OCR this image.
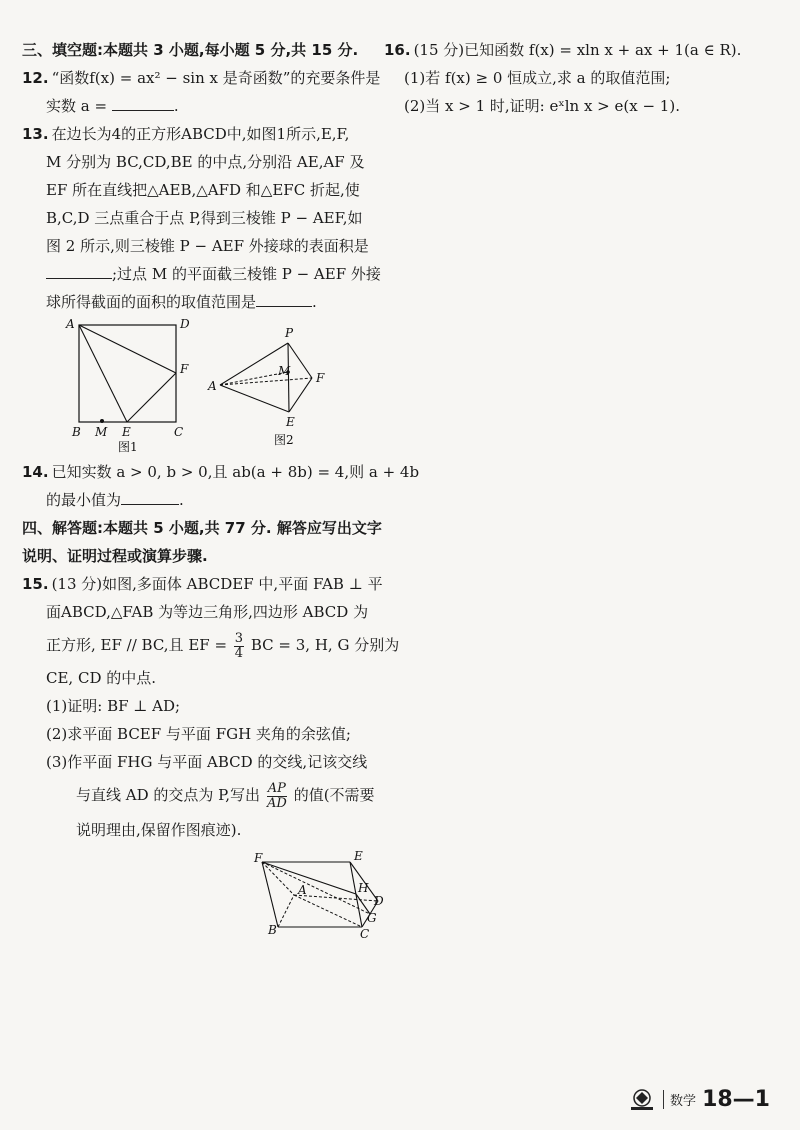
三、填空题:本题共 3 小题,每小题 5 分,共 15 分.
12. “函数f(x) = ax² − sin x 是奇函数”的充要条件是
实数 a =	.
13. 在边长为4的正方形ABCD中,如图1所示,E,F,
M 分别为 BC,CD,BE 的中点,分别沿 AE,AF 及
EF 所在直线把△AEB,△AFD 和△EFC 折起,使
B,C,D 三点重合于点 P,得到三棱锥 P − AEF,如
图 2 所示,则三棱锥 P − AEF 外接球的表面积是
;过点 M 的平面截三棱锥 P − AEF 外接
球所得截面的面积的取值范围是	.
A	D
F
B M E	C
图1
P
M
A
F
E
图2
14. 已知实数 a > 0, b > 0,且 ab(a + 8b) = 4,则 a + 4b
的最小值为	.
四、解答题:本题共 5 小题,共 77 分. 解答应写出文字
说明、证明过程或演算步骤.
15. (13 分)如图,多面体 ABCDEF 中,平面 FAB ⊥ 平
面ABCD,△FAB 为等边三角形,四边形 ABCD 为
正方形, EF // BC,且 EF = $\frac{3}{4}$ BC = 3, H, G 分别为
CE, CD 的中点.
(1)证明: BF ⊥ AD;
(2)求平面 BCEF 与平面 FGH 夹角的余弦值;
(3)作平面 FHG 与平面 ABCD 的交线,记该交线
与直线 AD 的交点为 P,写出 $\frac{AP}{AD}$ 的值(不需要
说明理由,保留作图痕迹).
F	E
A	H
D
G
B	C
16. (15 分)已知函数 f(x) = xln x + ax + 1(a ∈ R).
(1)若 f(x) ≥ 0 恒成立,求 a 的取值范围;
(2)当 x > 1 时,证明: eˣln x > e(x − 1).
数学 18—1
